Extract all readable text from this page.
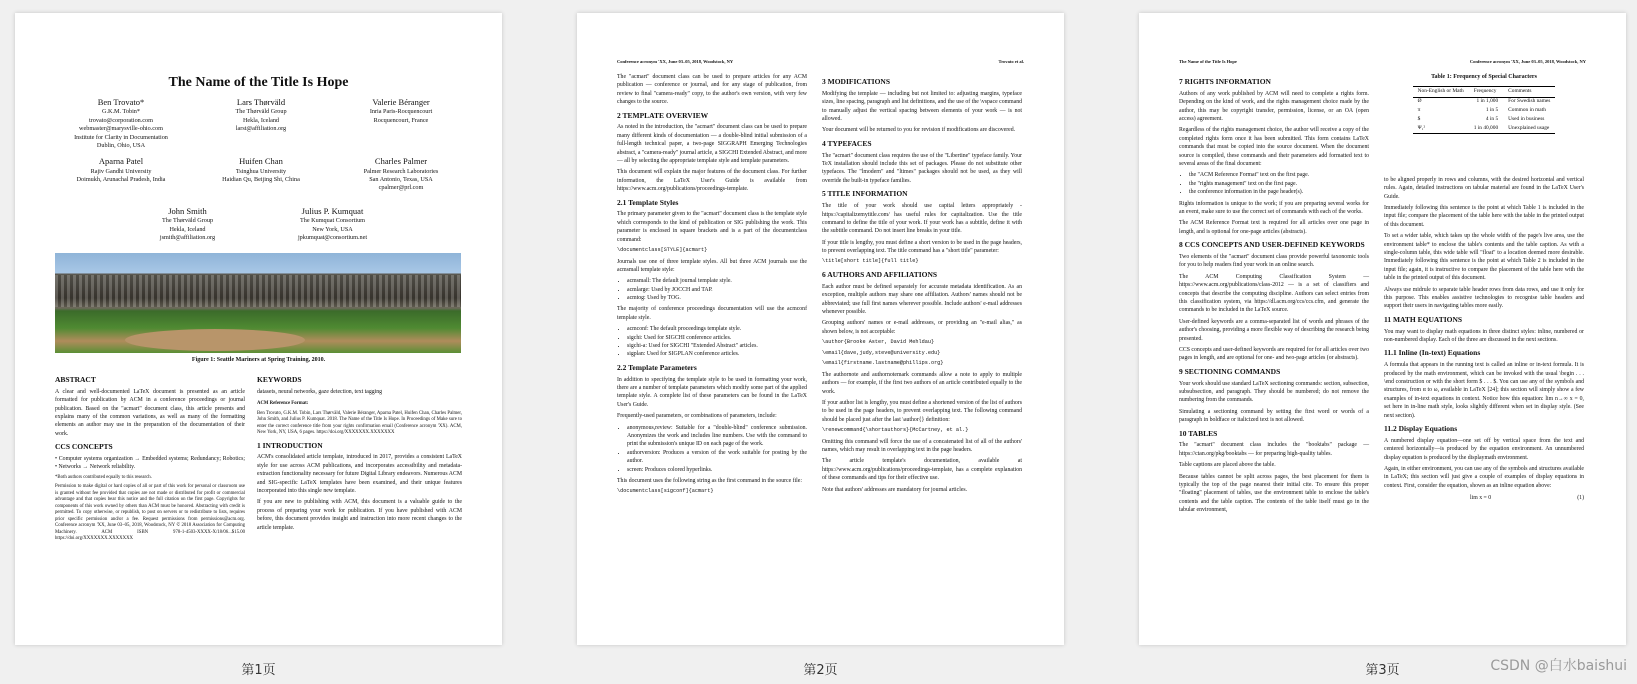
The Name of the Title Is Hope
Ben Trovato*
G.K.M. Tobin*
trovato@corporation.com
webmaster@marysville-ohio.com
Institute for Clarity in Documentation
Dublin, Ohio, USA
Lars Thørväld
The Thørväld Group
Hekla, Iceland
larst@affiliation.org
Valerie Béranger
Inria Paris-Rocquencourt
Rocquencourt, France
Aparna Patel
Rajiv Gandhi University
Doimukh, Arunachal Pradesh, India
Huifen Chan
Tsinghua University
Haidian Qu, Beijing Shi, China
Charles Palmer
Palmer Research Laboratories
San Antonio, Texas, USA
cpalmer@prl.com
John Smith
The Thørväld Group
Hekla, Iceland
jsmith@affiliation.org
Julius P. Kumquat
The Kumquat Consortium
New York, USA
jpkumquat@consortium.net
Figure 1: Seattle Mariners at Spring Training, 2010.
ABSTRACT

A clear and well-documented LaTeX document is presented as an article formatted for publication by ACM in a conference proceedings or journal publication. Based on the "acmart" document class, this article presents and explains many of the common variations, as well as many of the formatting elements an author may use in the preparation of the documentation of their work.

CCS CONCEPTS

• Computer systems organization → Embedded systems; Redundancy; Robotics; • Networks → Network reliability.

*Both authors contributed equally to this research.

Permission to make digital or hard copies of all or part of this work for personal or classroom use is granted without fee provided that copies are not made or distributed for profit or commercial advantage and that copies bear this notice and the full citation on the first page. Copyrights for components of this work owned by others than ACM must be honored. Abstracting with credit is permitted. To copy otherwise, or republish, to post on servers or to redistribute to lists, requires prior specific permission and/or a fee. Request permissions from permissions@acm.org. Conference acronym 'XX, June 03–05, 2018, Woodstock, NY © 2018 Association for Computing Machinery. ACM ISBN 978-1-4503-XXXX-X/18/06...$15.00 https://doi.org/XXXXXXX.XXXXXXX

KEYWORDS

datasets, neural networks, gaze detection, text tagging

ACM Reference Format:

Ben Trovato, G.K.M. Tobin, Lars Thørväld, Valerie Béranger, Aparna Patel, Huifen Chan, Charles Palmer, John Smith, and Julius P. Kumquat. 2018. The Name of the Title Is Hope. In Proceedings of Make sure to enter the correct conference title from your rights confirmation email (Conference acronym 'XX). ACM, New York, NY, USA, 6 pages. https://doi.org/XXXXXXX.XXXXXXX

1 INTRODUCTION

ACM's consolidated article template, introduced in 2017, provides a consistent LaTeX style for use across ACM publications, and incorporates accessibility and metadata-extraction functionality necessary for future Digital Library endeavors. Numerous ACM and SIG-specific LaTeX templates have been examined, and their unique features incorporated into this single new template.

If you are new to publishing with ACM, this document is a valuable guide to the process of preparing your work for publication. If you have published with ACM before, this document provides insight and instruction into more recent changes to the article template.

第1页
Conference acronym 'XX, June 03–05, 2018, Woodstock, NY	Trovato et al.

The "acmart" document class can be used to prepare articles for any ACM publication — conference or journal, and for any stage of publication, from review to final "camera-ready" copy, to the author's own version, with very few changes to the source.

2 TEMPLATE OVERVIEW

As noted in the introduction, the "acmart" document class can be used to prepare many different kinds of documentation — a double-blind initial submission of a full-length technical paper, a two-page SIGGRAPH Emerging Technologies abstract, a "camera-ready" journal article, a SIGCHI Extended Abstract, and more — all by selecting the appropriate template style and template parameters.

This document will explain the major features of the document class. For further information, the LaTeX User's Guide is available from https://www.acm.org/publications/proceedings-template.

2.1 Template Styles

The primary parameter given to the "acmart" document class is the template style which corresponds to the kind of publication or SIG publishing the work. This parameter is enclosed in square brackets and is a part of the documentclass command:

\documentclass[STYLE]{acmart}

Journals use one of three template styles. All but three ACM journals use the acmsmall template style:

• acmsmall: The default journal template style.
• acmlarge: Used by JOCCH and TAP.
• acmtog: Used by TOG.

The majority of conference proceedings documentation will use the acmconf template style.

• acmconf: The default proceedings template style.
• sigchi: Used for SIGCHI conference articles.
• sigchi-a: Used for SIGCHI "Extended Abstract" articles.
• sigplan: Used for SIGPLAN conference articles.
2.2 Template Parameters

In addition to specifying the template style to be used in formatting your work, there are a number of template parameters which modify some part of the applied template style. A complete list of these parameters can be found in the LaTeX User's Guide.

Frequently-used parameters, or combinations of parameters, include:

• anonymous,review: Suitable for a "double-blind" conference submission. Anonymizes the work and includes line numbers. Use with the command to print the submission's unique ID on each page of the work.
• authorversion: Produces a version of the work suitable for posting by the author.
• screen: Produces colored hyperlinks.

This document uses the following string as the first command in the source file:

\documentclass[sigconf]{acmart}

3 MODIFICATIONS

Modifying the template — including but not limited to: adjusting margins, typeface sizes, line spacing, paragraph and list definitions, and the use of the \vspace command to manually adjust the vertical spacing between elements of your work — is not allowed.

Your document will be returned to you for revision if modifications are discovered.

4 TYPEFACES

The "acmart" document class requires the use of the "Libertine" typeface family. Your TeX installation should include this set of packages. Please do not substitute other typefaces. The "lmodern" and "ltimes" packages should not be used, as they will override the built-in typeface families.

5 TITLE INFORMATION

The title of your work should use capital letters appropriately - https://capitalizemytitle.com/ has useful rules for capitalization. Use the title command to define the title of your work. If your work has a subtitle, define it with the subtitle command. Do not insert line breaks in your title.

If your title is lengthy, you must define a short version to be used in the page headers, to prevent overlapping text. The title command has a "short title" parameter:

\title[short title]{full title}

6 AUTHORS AND AFFILIATIONS

Each author must be defined separately for accurate metadata identification. As an exception, multiple authors may share one affiliation. Authors' names should not be abbreviated; use full first names wherever possible. Include authors' e-mail addresses whenever possible.

Grouping authors' names or e-mail addresses, or providing an "e-mail alias," as shown below, is not acceptable:

\author{Brooke Aster, David Mehldau}

\email{dave,judy,steve@university.edu}

\email{firstname.lastname@phillips.org}

The authornote and authornotemark commands allow a note to apply to multiple authors — for example, if the first two authors of an article contributed equally to the work.

If your author list is lengthy, you must define a shortened version of the list of authors to be used in the page headers, to prevent overlapping text. The following command should be placed just after the last \author{} definition:

\renewcommand{\shortauthors}{McCartney, et al.}

Omitting this command will force the use of a concatenated list of all of the authors' names, which may result in overlapping text in the page headers.

The article template's documentation, available at https://www.acm.org/publications/proceedings-template, has a complete explanation of these commands and tips for their effective use.

Note that authors' addresses are mandatory for journal articles.

第2页
The Name of the Title Is Hope	Conference acronym 'XX, June 03–05, 2018, Woodstock, NY
7 RIGHTS INFORMATION

Authors of any work published by ACM will need to complete a rights form. Depending on the kind of work, and the rights management choice made by the author, this may be copyright transfer, permission, license, or an OA (open access) agreement.

Regardless of the rights management choice, the author will receive a copy of the completed rights form once it has been submitted. This form contains LaTeX commands that must be copied into the source document. When the document source is compiled, these commands and their parameters add formatted text to several areas of the final document:

• the "ACM Reference Format" text on the first page.
• the "rights management" text on the first page.
• the conference information in the page header(s).

Rights information is unique to the work; if you are preparing several works for an event, make sure to use the correct set of commands with each of the works.

The ACM Reference Format text is required for all articles over one page in length, and is optional for one-page articles (abstracts).

8 CCS CONCEPTS AND USER-DEFINED KEYWORDS

Two elements of the "acmart" document class provide powerful taxonomic tools for you to help readers find your work in an online search.

The ACM Computing Classification System — https://www.acm.org/publications/class-2012 — is a set of classifiers and concepts that describe the computing discipline. Authors can select entries from this classification system, via https://dl.acm.org/ccs/ccs.cfm, and generate the commands to be included in the LaTeX source.

User-defined keywords are a comma-separated list of words and phrases of the author's choosing, providing a more flexible way of describing the research being presented.

CCS concepts and user-defined keywords are required for for all articles over two pages in length, and are optional for one- and two-page articles (or abstracts).

9 SECTIONING COMMANDS

Your work should use standard LaTeX sectioning commands: section, subsection, subsubsection, and paragraph. They should be numbered; do not remove the numbering from the commands.

Simulating a sectioning command by setting the first word or words of a paragraph in boldface or italicized text is not allowed.

10 TABLES

The "acmart" document class includes the "booktabs" package — https://ctan.org/pkg/booktabs — for preparing high-quality tables.

Table captions are placed above the table.

Because tables cannot be split across pages, the best placement for them is typically the top of the page nearest their initial cite. To ensure this proper "floating" placement of tables, use the environment table to enclose the table's contents and the table caption. The contents of the table itself must go in the tabular environment,

Table 1: Frequency of Special Characters
Non-English or Math	Frequency	Comments
Ø	1 in 1,000	For Swedish names
π	1 in 5	Common in math
$	4 in 5	Used in business
Ψ₁²	1 in 40,000	Unexplained usage

to be aligned properly in rows and columns, with the desired horizontal and vertical rules. Again, detailed instructions on tabular material are found in the LaTeX User's Guide.

Immediately following this sentence is the point at which Table 1 is included in the input file; compare the placement of the table here with the table in the printed output of this document.

To set a wider table, which takes up the whole width of the page's live area, use the environment table* to enclose the table's contents and the table caption. As with a single-column table, this wide table will "float" to a location deemed more desirable. Immediately following this sentence is the point at which Table 2 is included in the input file; again, it is instructive to compare the placement of the table here with the table in the printed output of this document.

Always use midrule to separate table header rows from data rows, and use it only for this purpose. This enables assistive technologies to recognise table headers and support their users in navigating tables more easily.

11 MATH EQUATIONS

You may want to display math equations in three distinct styles: inline, numbered or non-numbered display. Each of the three are discussed in the next sections.

11.1 Inline (In-text) Equations

A formula that appears in the running text is called an inline or in-text formula. It is produced by the math environment, which can be invoked with the usual \begin . . . \end construction or with the short form $ . . . $. You can use any of the symbols and structures, from α to ω, available in LaTeX [24]; this section will simply show a few examples of in-text equations in context. Notice how this equation: lim n→∞ x = 0, set here in in-line math style, looks slightly different when set in display style. (See next section).

11.2 Display Equations

A numbered display equation—one set off by vertical space from the text and centered horizontally—is produced by the equation environment. An unnumbered display equation is produced by the displaymath environment.

Again, in either environment, you can use any of the symbols and structures available in LaTeX; this section will just give a couple of examples of display equations in context. First, consider the equation, shown as an inline equation above:

lim x = 0	(1)
第3页	CSDN @白水baishui
